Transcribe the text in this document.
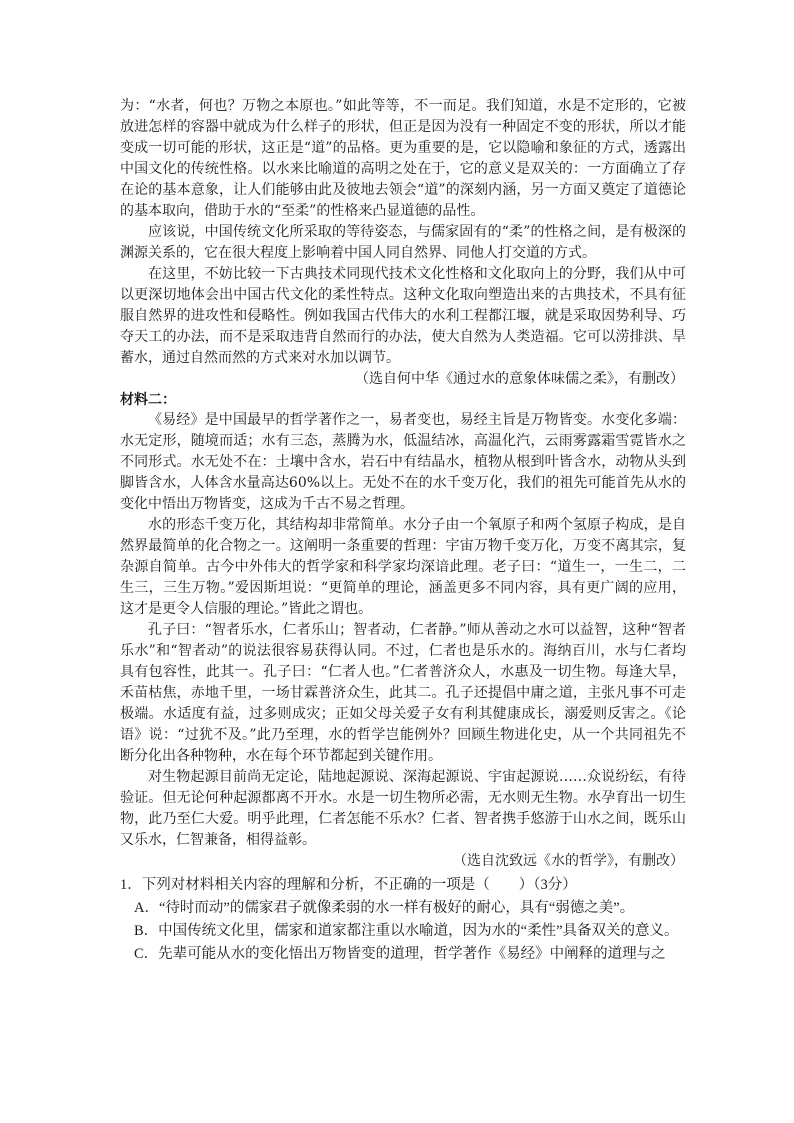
为：“水者，何也？万物之本原也。”如此等等，不一而足。我们知道，水是不定形的，它被放进怎样的容器中就成为什么样子的形状，但正是因为没有一种固定不变的形状，所以才能变成一切可能的形状，这正是“道”的品格。更为重要的是，它以隐喻和象征的方式，透露出中国文化的传统性格。以水来比喻道的高明之处在于，它的意义是双关的：一方面确立了存在论的基本意象，让人们能够由此及彼地去领会“道”的深刻内涵，另一方面又奠定了道德论的基本取向，借助于水的“至柔”的性格来凸显道德的品性。

应该说，中国传统文化所采取的等待姿态，与儒家固有的“柔”的性格之间，是有极深的渊源关系的，它在很大程度上影响着中国人同自然界、同他人打交道的方式。

在这里，不妨比较一下古典技术同现代技术文化性格和文化取向上的分野，我们从中可以更深切地体会出中国古代文化的柔性特点。这种文化取向塑造出来的古典技术，不具有征服自然界的进攻性和侵略性。例如我国古代伟大的水利工程都江堰，就是采取因势利导、巧夺天工的办法，而不是采取违背自然而行的办法，使大自然为人类造福。它可以涝排洪、旱蓄水，通过自然而然的方式来对水加以调节。

（选自何中华《通过水的意象体味儒之柔》，有删改）

材料二：

《易经》是中国最早的哲学著作之一，易者变也，易经主旨是万物皆变。水变化多端：水无定形，随境而适；水有三态，蒸腾为水，低温结冰，高温化汽，云雨雾露霜雪霓皆水之不同形式。水无处不在：土壤中含水，岩石中有结晶水，植物从根到叶皆含水，动物从头到脚皆含水，人体含水量高达60%以上。无处不在的水千变万化，我们的祖先可能首先从水的变化中悟出万物皆变，这成为千古不易之哲理。

水的形态千变万化，其结构却非常简单。水分子由一个氧原子和两个氢原子构成，是自然界最简单的化合物之一。这阐明一条重要的哲理：宇宙万物千变万化，万变不离其宗，复杂源自简单。古今中外伟大的哲学家和科学家均深谙此理。老子曰：“道生一，一生二，二生三，三生万物。”爱因斯坦说：“更简单的理论，涵盖更多不同内容，具有更广阔的应用，这才是更令人信服的理论。”皆此之谓也。

孔子曰：“智者乐水，仁者乐山；智者动，仁者静。”师从善动之水可以益智，这种“智者乐水”和“智者动”的说法很容易获得认同。不过，仁者也是乐水的。海纳百川，水与仁者均具有包容性，此其一。孔子曰：“仁者人也。”仁者普济众人，水惠及一切生物。每逢大旱，禾苗枯焦，赤地千里，一场甘霖普济众生，此其二。孔子还提倡中庸之道，主张凡事不可走极端。水适度有益，过多则成灾；正如父母关爱子女有利其健康成长，溺爱则反害之。《论语》说：“过犹不及。”此乃至理，水的哲学岂能例外？回顾生物进化史，从一个共同祖先不断分化出各种物种，水在每个环节都起到关键作用。

对生物起源目前尚无定论，陆地起源说、深海起源说、宇宙起源说……众说纷纭，有待验证。但无论何种起源都离不开水。水是一切生物所必需，无水则无生物。水孕育出一切生物，此乃至仁大爱。明乎此理，仁者怎能不乐水？仁者、智者携手悠游于山水之间，既乐山又乐水，仁智兼备，相得益彰。

（选自沈致远《水的哲学》，有删改）

1．下列对材料相关内容的理解和分析，不正确的一项是（　　）（3分）

A．“待时而动”的儒家君子就像柔弱的水一样有极好的耐心，具有“弱德之美”。

B．中国传统文化里，儒家和道家都注重以水喻道，因为水的“柔性”具备双关的意义。

C．先辈可能从水的变化悟出万物皆变的道理，哲学著作《易经》中阐释的道理与之
